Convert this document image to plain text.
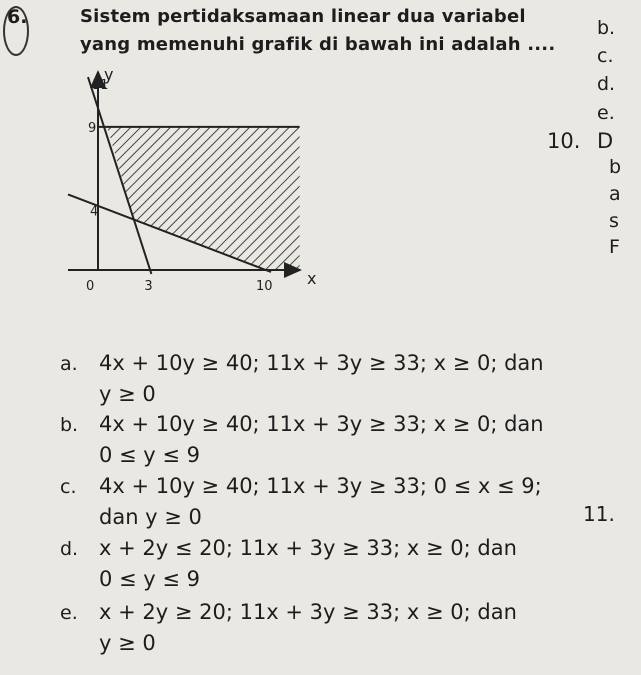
6.	Sistem pertidaksamaan linear dua variabel
yang memenuhi grafik di bawah ini adalah ....
b.
c.
d.
e.
10. D
b
a
s
F
11.
0	3	10
4
9
11
x
y
a. 4x + 10y ≥ 40; 11x + 3y ≥ 33; x ≥ 0; dan
y ≥ 0
b. 4x + 10y ≥ 40; 11x + 3y ≥ 33; x ≥ 0; dan
0 ≤ y ≤ 9
c. 4x + 10y ≥ 40; 11x + 3y ≥ 33; 0 ≤ x ≤ 9;
dan y ≥ 0
d. x + 2y ≤ 20; 11x + 3y ≥ 33; x ≥ 0; dan
0 ≤ y ≤ 9
e. x + 2y ≥ 20; 11x + 3y ≥ 33; x ≥ 0; dan
y ≥ 0
